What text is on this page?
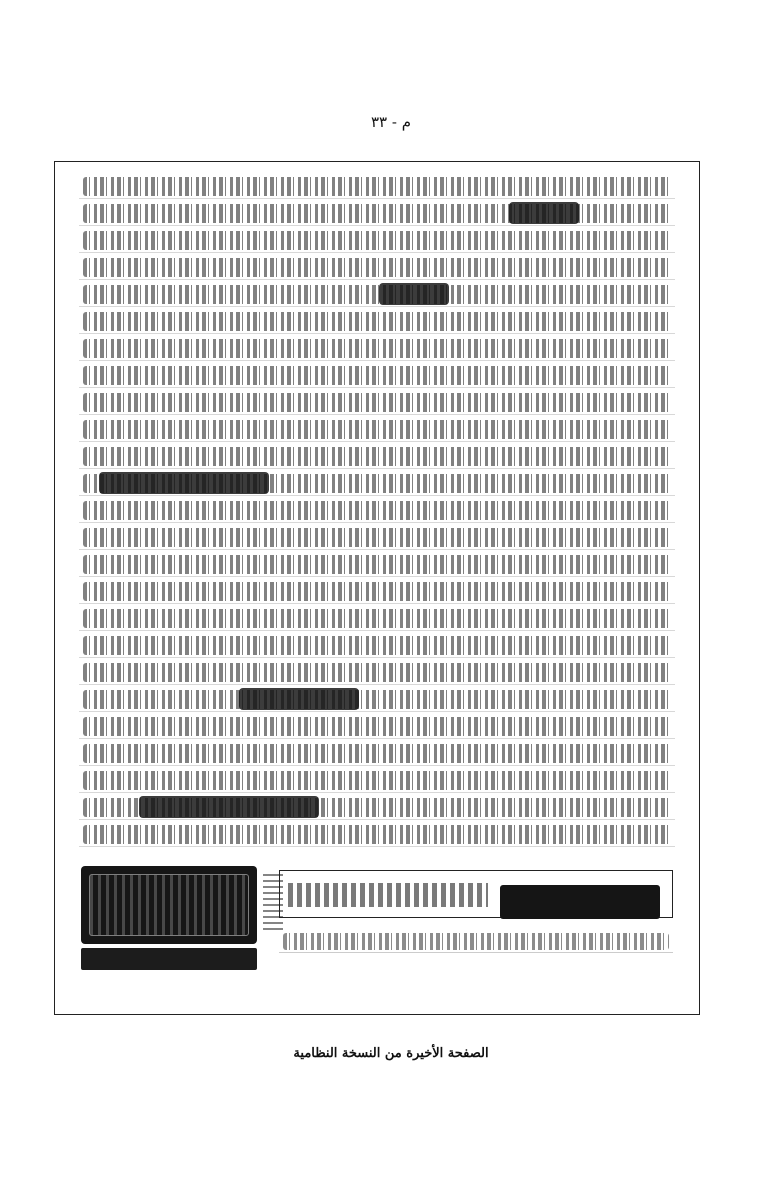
م - ٣٣
الصفحة الأخيرة من النسخة النظامية
